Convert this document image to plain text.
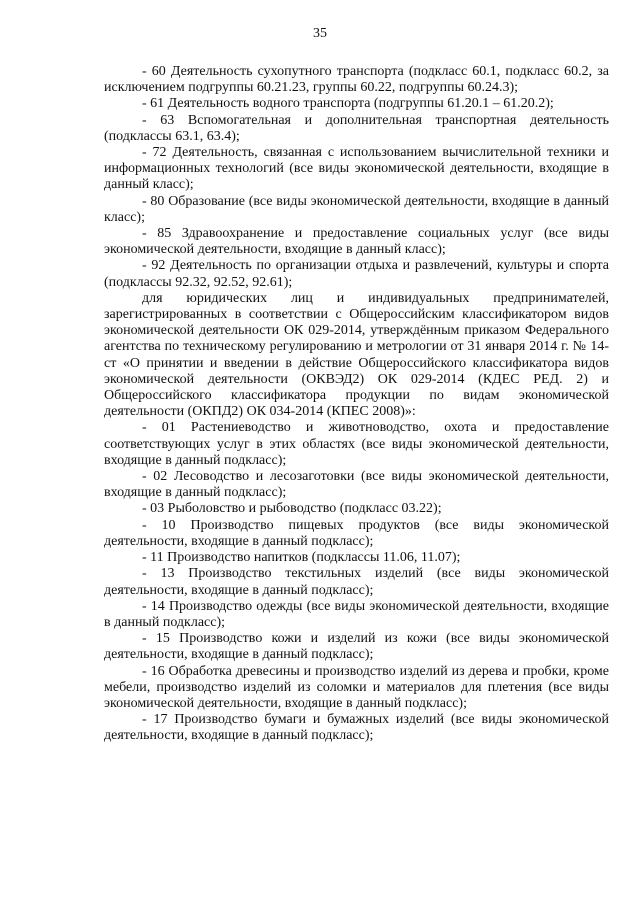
35

- 60 Деятельность сухопутного транспорта (подкласс 60.1, подкласс 60.2, за исключением подгруппы 60.21.23, группы 60.22, подгруппы 60.24.3);

- 61 Деятельность водного транспорта (подгруппы 61.20.1 – 61.20.2);

- 63 Вспомогательная и дополнительная транспортная деятельность (подклассы 63.1, 63.4);

- 72 Деятельность, связанная с использованием вычислительной техники и информационных технологий (все виды экономической деятельности, входящие в данный класс);

- 80 Образование (все виды экономической деятельности, входящие в данный класс);

- 85 Здравоохранение и предоставление социальных услуг (все виды экономической деятельности, входящие в данный класс);

- 92 Деятельность по организации отдыха и развлечений, культуры и спорта (подклассы 92.32, 92.52, 92.61);

для юридических лиц и индивидуальных предпринимателей, зарегистрированных в соответствии с Общероссийским классификатором видов экономической деятельности ОК 029-2014, утверждённым приказом Федерального агентства по техническому регулированию и метрологии от 31 января 2014 г. № 14-ст «О принятии и введении в действие Общероссийского классификатора видов экономической деятельности (ОКВЭД2) ОК 029-2014 (КДЕС РЕД. 2) и Общероссийского классификатора продукции по видам экономической деятельности (ОКПД2) ОК 034-2014 (КПЕС 2008)»:

- 01 Растениеводство и животноводство, охота и предоставление соответствующих услуг в этих областях (все виды экономической деятельности, входящие в данный подкласс);

- 02 Лесоводство и лесозаготовки (все виды экономической деятельности, входящие в данный подкласс);

- 03 Рыболовство и рыбоводство (подкласс 03.22);

- 10 Производство пищевых продуктов (все виды экономической деятельности, входящие в данный подкласс);

- 11 Производство напитков (подклассы 11.06, 11.07);

- 13 Производство текстильных изделий (все виды экономической деятельности, входящие в данный подкласс);

- 14 Производство одежды (все виды экономической деятельности, входящие в данный подкласс);

- 15 Производство кожи и изделий из кожи (все виды экономической деятельности, входящие в данный подкласс);

- 16 Обработка древесины и производство изделий из дерева и пробки, кроме мебели, производство изделий из соломки и материалов для плетения (все виды экономической деятельности, входящие в данный подкласс);

- 17 Производство бумаги и бумажных изделий (все виды экономической деятельности, входящие в данный подкласс);
